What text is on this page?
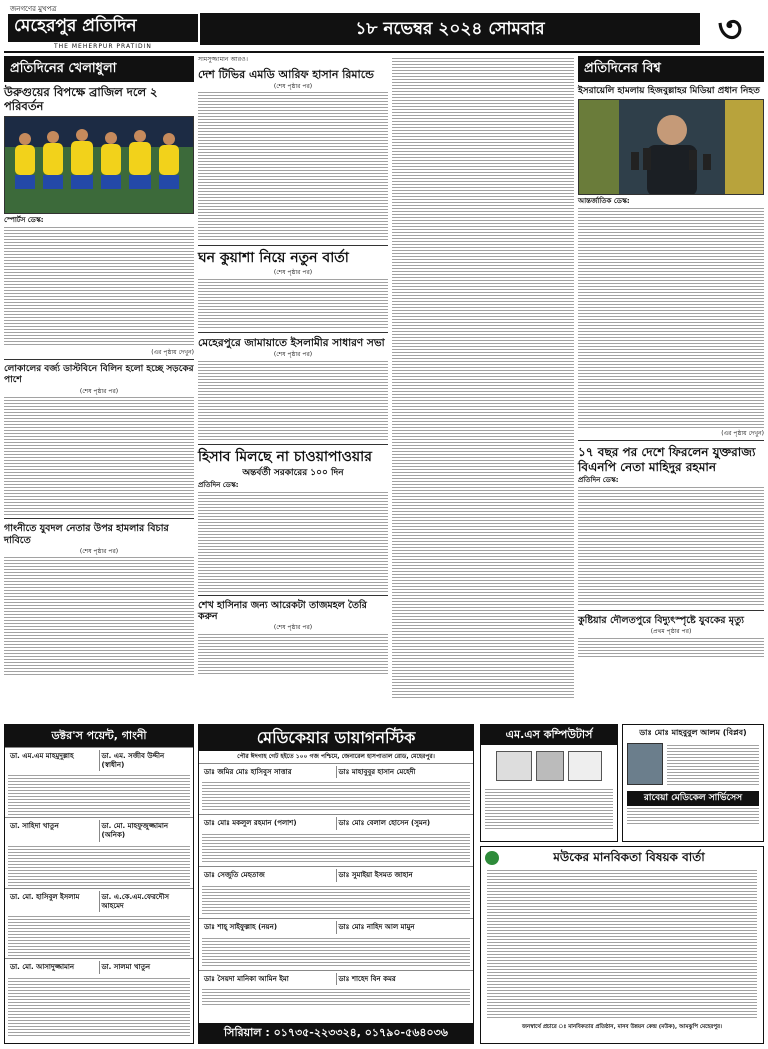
জনগণের মুখপত্র
মেহেরপুর প্রতিদিন
THE MEHERPUR PRATIDIN
১৮ নভেম্বর ২০২৪ সোমবার	৩
প্রতিদিনের খেলাধুলা
উরুগুয়ের বিপক্ষে ব্রাজিল দলে ২ পরিবর্তন
স্পোর্টস ডেস্ক:
(এর পৃষ্ঠায় দেখুন)
লোকালের বর্জ্য ডাস্টবিনে বিলিন হলো হচ্ছে সড়কের পাশে
(শেষ পৃষ্ঠার পর)
গাংনীতে যুবদল নেতার উপর হামলার বিচার দাবিতে
(শেষ পৃষ্ঠার পর)
সামসুজ্জামান আরও।
দেশ টিভির এমডি আরিফ হাসান রিমান্ডে
(শেষ পৃষ্ঠার পর)
ঘন কুয়াশা নিয়ে নতুন বার্তা
(শেষ পৃষ্ঠার পর)
মেহেরপুরে জামায়াতে ইসলামীর সাধারণ সভা
(শেষ পৃষ্ঠার পর)
হিসাব মিলছে না চাওয়াপাওয়ার
অন্তর্বর্তী সরকারের ১০০ দিন
প্রতিদিন ডেস্ক:
শেখ হাসিনার জন্য আরেকটা তাজমহল তৈরি করুন
(শেষ পৃষ্ঠার পর)
প্রতিদিনের বিশ্ব
ইসরায়েলি হামলায় হিজবুল্লাহর মিডিয়া প্রধান নিহত
আন্তর্জাতিক ডেস্ক:
(এর পৃষ্ঠায় দেখুন)
১৭ বছর পর দেশে ফিরলেন যুক্তরাজ্য বিএনপি নেতা মাহিদুর রহমান
প্রতিদিন ডেস্ক:
কুষ্টিয়ার দৌলতপুরে বিদ্যুৎস্পৃষ্টে যুবকের মৃত্যু
(প্রথম পৃষ্ঠার পর)
ডক্টর'স পয়েন্ট, গাংনী
ডা. এম.এম মাহমুদুল্লাহ	ডা. এম. সজীব উদ্দীন (স্বাধীন)
ডা. সাহিদা খাতুন	ডা. মো. মাহফুজুজ্জামান (অনিক)
ডা. মো. হাসিবুল ইসলাম	ডা. এ.কে.এম.ফেরদৌস আহমেদ
ডা. মো. আসাদুজ্জামান	ডা. সালমা খাতুন
মেডিকেয়ার ডায়াগনস্টিক
পৌর ঈদগাহ গেট হইতে ১০০ গজ পশ্চিমে, জেনারেল হাসপাতাল রোড, মেহেরপুর।
ডাঃ জমির মোঃ হাসিবুস সাত্তার	ডাঃ মাহাবুবুর হাসান মেহেদী
ডাঃ মোঃ মকলুল রহমান (পলাশ)	ডাঃ মোঃ বেলাল হোসেন (সুমন)
ডাঃ সেজুতি মেহতাজ	ডাঃ সুমাইয়া ইসমত জাহান
ডাঃ শাহ্ সাইফুল্লাহ (নয়ন)	ডাঃ মোঃ নাহিদ আল মামুন
ডাঃ সৈয়দা মানিকা আমিন ইমা	ডাঃ শাহেদ বিন কমর
সিরিয়াল : ০১৭৩৫-২২৩৩২৪, ০১৭৯০-৫৬৪০৩৬
এম.এস কম্পিউটার্স	ডাঃ মোঃ মাহবুবুল আলম (বিপ্লব)
রাবেয়া মেডিকেল সার্ভিসেস
মউকের মানবিকতা বিষয়ক বার্তা
জনস্বার্থে প্রচারে ঃ মানবিকতার প্রতিষ্ঠান, মানব উন্নয়ন কেন্দ্র (মউক), আমঝুপি মেহেরপুর।
